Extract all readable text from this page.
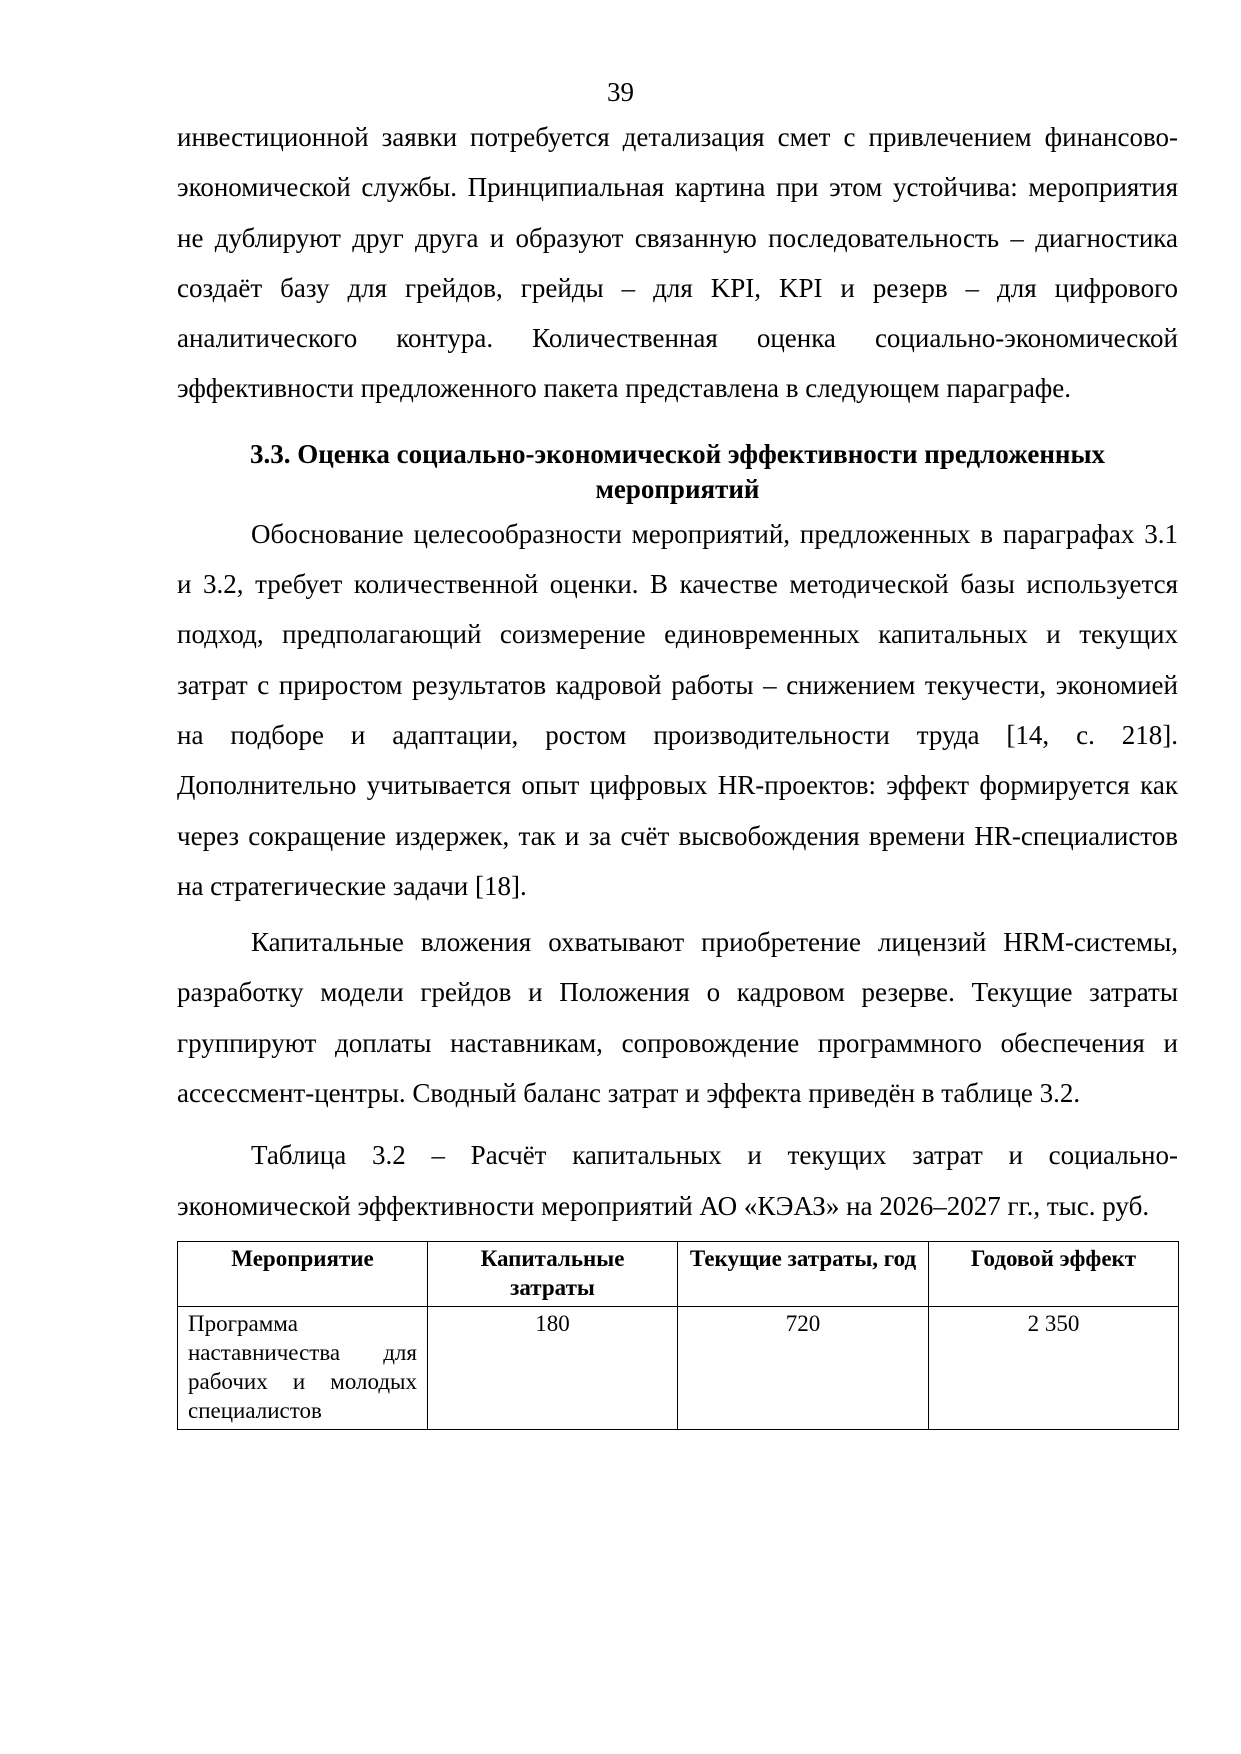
39

инвестиционной заявки потребуется детализация смет с привлечением финансово-экономической службы. Принципиальная картина при этом устойчива: мероприятия не дублируют друг друга и образуют связанную последовательность – диагностика создаёт базу для грейдов, грейды – для KPI, KPI и резерв – для цифрового аналитического контура. Количественная оценка социально-экономической эффективности предложенного пакета представлена в следующем параграфе.

3.3. Оценка социально-экономической эффективности предложенных
мероприятий

Обоснование целесообразности мероприятий, предложенных в параграфах 3.1 и 3.2, требует количественной оценки. В качестве методической базы используется подход, предполагающий соизмерение единовременных капитальных и текущих затрат с приростом результатов кадровой работы – снижением текучести, экономией на подборе и адаптации, ростом производительности труда [14, с. 218]. Дополнительно учитывается опыт цифровых HR-проектов: эффект формируется как через сокращение издержек, так и за счёт высвобождения времени HR-специалистов на стратегические задачи [18].

Капитальные вложения охватывают приобретение лицензий HRM-системы, разработку модели грейдов и Положения о кадровом резерве. Текущие затраты группируют доплаты наставникам, сопровождение программного обеспечения и ассессмент-центры. Сводный баланс затрат и эффекта приведён в таблице 3.2.

Таблица 3.2 – Расчёт капитальных и текущих затрат и социально-экономической эффективности мероприятий АО «КЭАЗ» на 2026–2027 гг., тыс. руб.

Мероприятие	Капитальные затраты	Текущие затраты, год	Годовой эффект
Программа наставничества для рабочих и молодых специалистов	180	720	2 350
